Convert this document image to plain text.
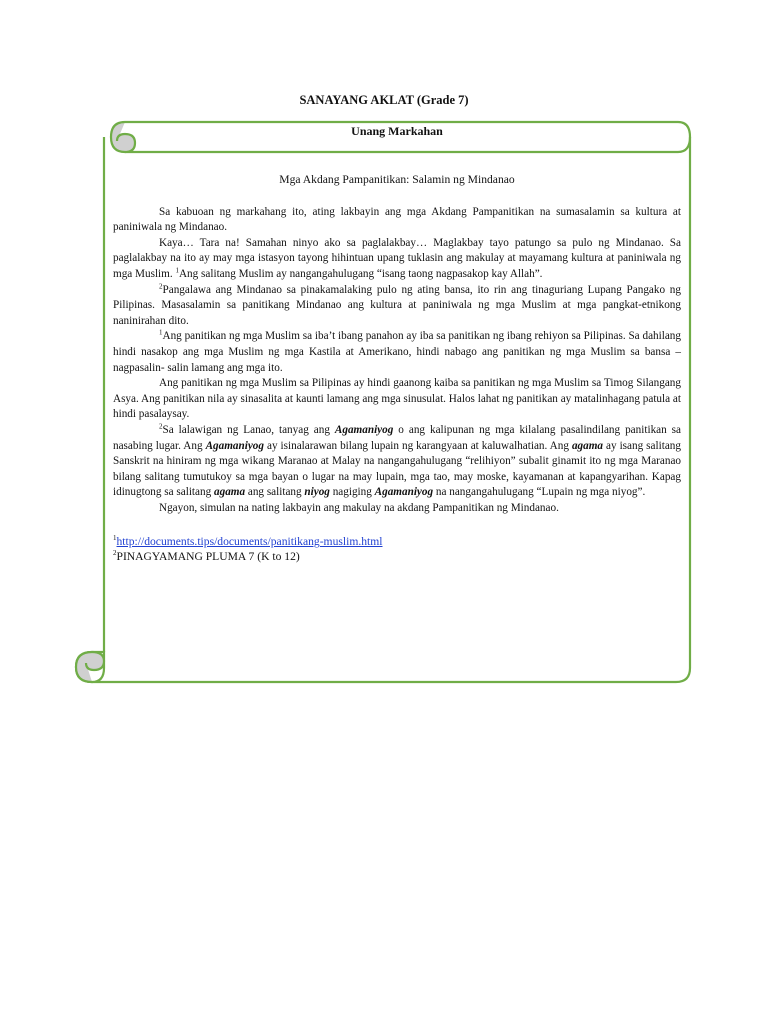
SANAYANG AKLAT (Grade 7)
Unang Markahan
Mga Akdang Pampanitikan: Salamin ng Mindanao

Sa kabuoan ng markahang ito, ating lakbayin ang mga Akdang Pampanitikan na sumasalamin sa kultura at paniniwala ng Mindanao.

Kaya… Tara na! Samahan ninyo ako sa paglalakbay… Maglakbay tayo patungo sa pulo ng Mindanao. Sa paglalakbay na ito ay may mga istasyon tayong hihintuan upang tuklasin ang makulay at mayamang kultura at paniniwala ng mga Muslim. $^1$Ang salitang Muslim ay nangangahulugang “isang taong nagpasakop kay Allah”.

$^2$Pangalawa ang Mindanao sa pinakamalaking pulo ng ating bansa, ito rin ang tinaguriang Lupang Pangako ng Pilipinas. Masasalamin sa panitikang Mindanao ang kultura at paniniwala ng mga Muslim at mga pangkat-etnikong naninirahan dito.

$^1$Ang panitikan ng mga Muslim sa iba’t ibang panahon ay iba sa panitikan ng ibang rehiyon sa Pilipinas. Sa dahilang hindi nasakop ang mga Muslim ng mga Kastila at Amerikano, hindi nabago ang panitikan ng mga Muslim sa bansa – nagpasalin- salin lamang ang mga ito.

Ang panitikan ng mga Muslim sa Pilipinas ay hindi gaanong kaiba sa panitikan ng mga Muslim sa Timog Silangang Asya. Ang panitikan nila ay sinasalita at kaunti lamang ang mga sinusulat. Halos lahat ng panitikan ay matalinhagang patula at hindi pasalaysay.

$^2$Sa lalawigan ng Lanao, tanyag ang Agamaniyog o ang kalipunan ng mga kilalang pasalindilang panitikan sa nasabing lugar. Ang Agamaniyog ay isinalarawan bilang lupain ng karangyaan at kaluwalhatian. Ang agama ay isang salitang Sanskrit na hiniram ng mga wikang Maranao at Malay na nangangahulugang “relihiyon” subalit ginamit ito ng mga Maranao bilang salitang tumutukoy sa mga bayan o lugar na may lupain, mga tao, may moske, kayamanan at kapangyarihan. Kapag idinugtong sa salitang agama ang salitang niyog nagiging Agamaniyog na nangangahulugang “Lupain ng mga niyog”.

Ngayon, simulan na nating lakbayin ang makulay na akdang Pampanitikan ng Mindanao.

$^1$http://documents.tips/documents/panitikang-muslim.html
$^2$PINAGYAMANG PLUMA 7 (K to 12)
